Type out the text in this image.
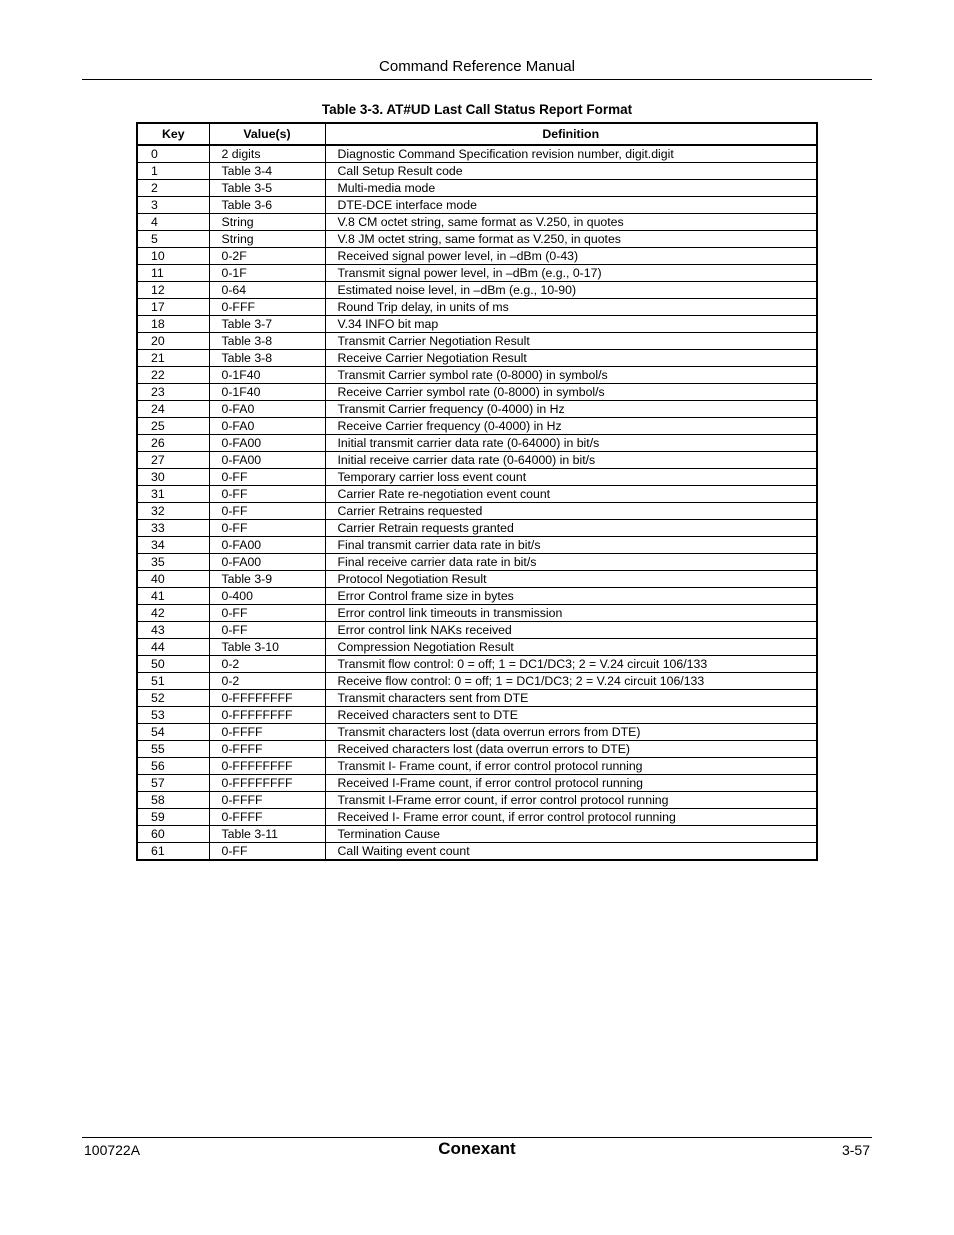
Command Reference Manual
Table 3-3. AT#UD Last Call Status Report Format
Key	Value(s)	Definition
0	2 digits	Diagnostic Command Specification revision number, digit.digit
1	Table 3-4	Call Setup Result code
2	Table 3-5	Multi-media mode
3	Table 3-6	DTE-DCE interface mode
4	String	V.8 CM octet string, same format as V.250, in quotes
5	String	V.8 JM octet string, same format as V.250, in quotes
10	0-2F	Received signal power level, in –dBm (0-43)
11	0-1F	Transmit signal power level, in –dBm (e.g., 0-17)
12	0-64	Estimated noise level, in –dBm (e.g., 10-90)
17	0-FFF	Round Trip delay, in units of ms
18	Table 3-7	V.34 INFO bit map
20	Table 3-8	Transmit Carrier Negotiation Result
21	Table 3-8	Receive Carrier Negotiation Result
22	0-1F40	Transmit Carrier symbol rate (0-8000) in symbol/s
23	0-1F40	Receive Carrier symbol rate (0-8000) in symbol/s
24	0-FA0	Transmit Carrier frequency (0-4000) in Hz
25	0-FA0	Receive Carrier frequency (0-4000) in Hz
26	0-FA00	Initial transmit carrier data rate (0-64000) in bit/s
27	0-FA00	Initial receive carrier data rate (0-64000) in bit/s
30	0-FF	Temporary carrier loss event count
31	0-FF	Carrier Rate re-negotiation event count
32	0-FF	Carrier Retrains requested
33	0-FF	Carrier Retrain requests granted
34	0-FA00	Final transmit carrier data rate in bit/s
35	0-FA00	Final receive carrier data rate in bit/s
40	Table 3-9	Protocol Negotiation Result
41	0-400	Error Control frame size in bytes
42	0-FF	Error control link timeouts in transmission
43	0-FF	Error control link NAKs received
44	Table 3-10	Compression Negotiation Result
50	0-2	Transmit flow control: 0 = off; 1 = DC1/DC3; 2 = V.24 circuit 106/133
51	0-2	Receive flow control: 0 = off; 1 = DC1/DC3; 2 = V.24 circuit 106/133
52	0-FFFFFFFF	Transmit characters sent from DTE
53	0-FFFFFFFF	Received characters sent to DTE
54	0-FFFF	Transmit characters lost (data overrun errors from DTE)
55	0-FFFF	Received characters lost (data overrun errors to DTE)
56	0-FFFFFFFF	Transmit I- Frame count, if error control protocol running
57	0-FFFFFFFF	Received I-Frame count, if error control protocol running
58	0-FFFF	Transmit I-Frame error count, if error control protocol running
59	0-FFFF	Received I- Frame error count, if error control protocol running
60	Table 3-11	Termination Cause
61	0-FF	Call Waiting event count
100722A	Conexant	3-57
